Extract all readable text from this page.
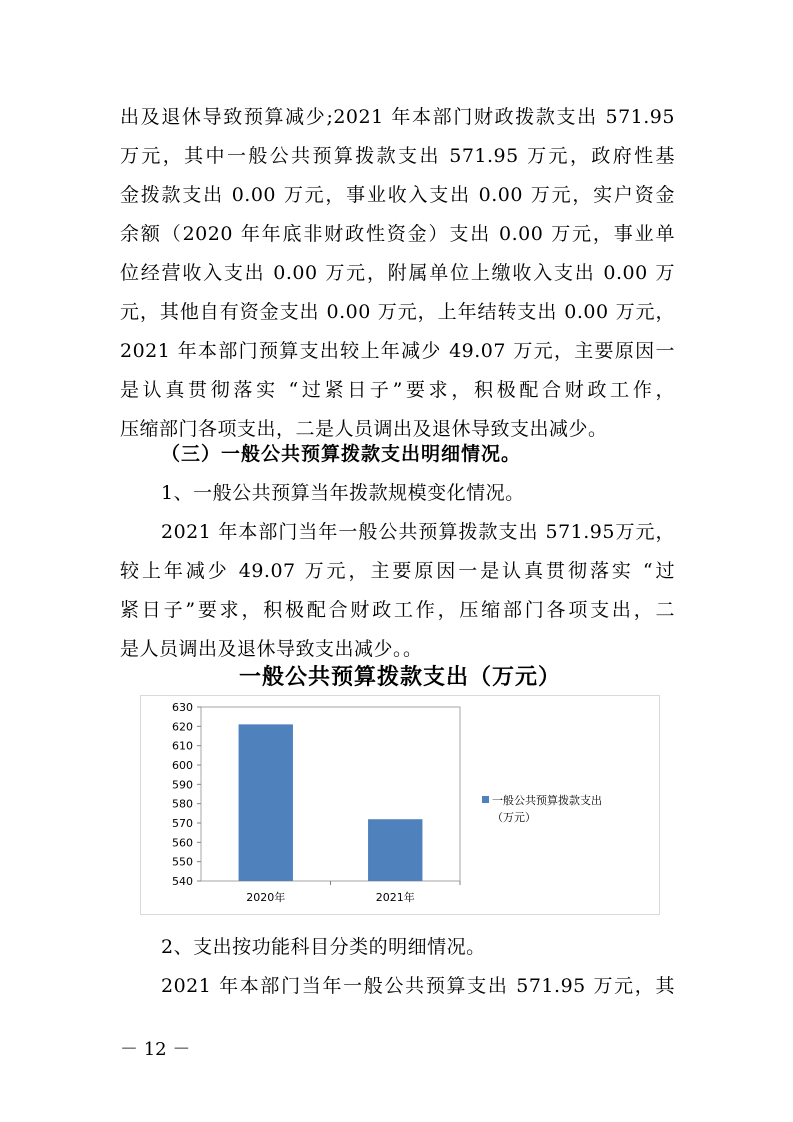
出及退休导致预算减少;2021 年本部门财政拨款支出 571.95
万元，其中一般公共预算拨款支出 571.95 万元，政府性基
金拨款支出 0.00 万元，事业收入支出 0.00 万元，实户资金
余额（2020 年年底非财政性资金）支出 0.00 万元，事业单
位经营收入支出 0.00 万元，附属单位上缴收入支出 0.00 万
元，其他自有资金支出 0.00 万元，上年结转支出 0.00 万元，
2021 年本部门预算支出较上年减少 49.07 万元，主要原因一
是认真贯彻落实 “过紧日子”要求，积极配合财政工作，
压缩部门各项支出，二是人员调出及退休导致支出减少。
（三）一般公共预算拨款支出明细情况。
1、一般公共预算当年拨款规模变化情况。
2021 年本部门当年一般公共预算拨款支出 571.95万元，
较上年减少 49.07 万元，主要原因一是认真贯彻落实 “过
紧日子”要求，积极配合财政工作，压缩部门各项支出，二
是人员调出及退休导致支出减少。。
一般公共预算拨款支出（万元）
630
620
610
600
590
580
570
560
550
540
2020年	2021年
一般公共预算拨款支出
（万元）
2、支出按功能科目分类的明细情况。
2021 年本部门当年一般公共预算支出 571.95 万元，其
－ 12 －
